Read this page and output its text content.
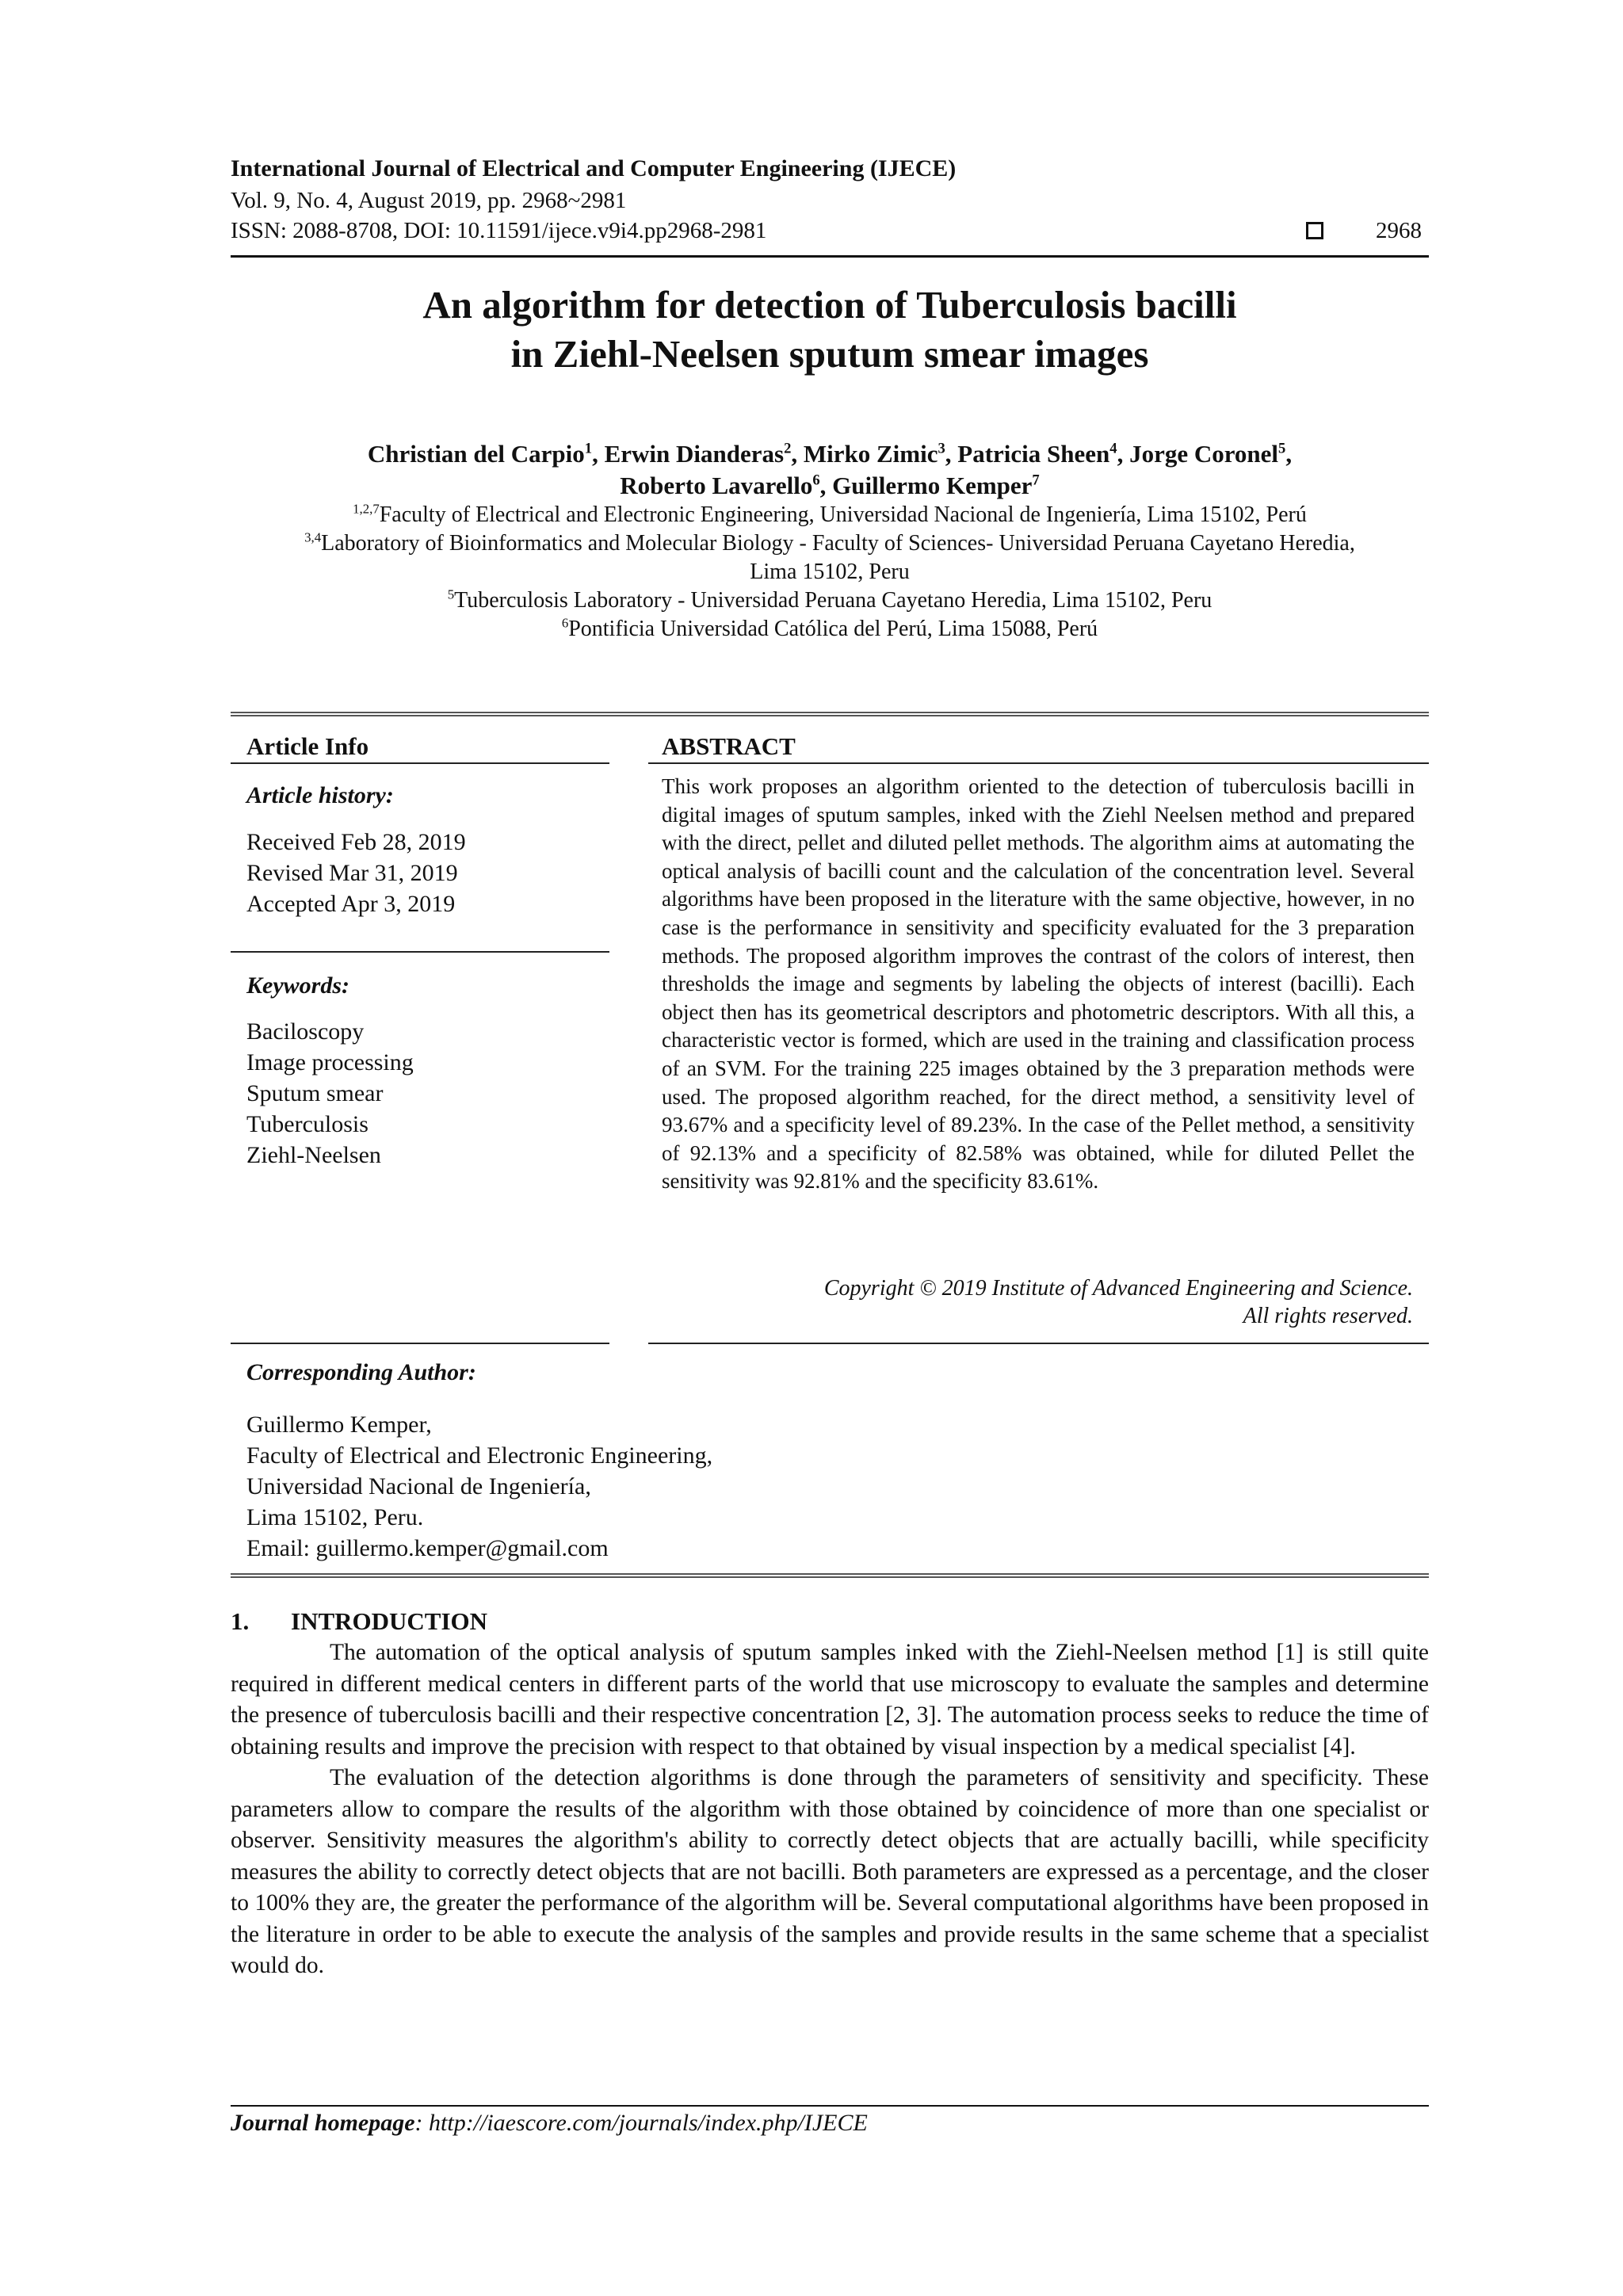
International Journal of Electrical and Computer Engineering (IJECE)
Vol. 9, No. 4, August 2019, pp. 2968~2981
ISSN: 2088-8708, DOI: 10.11591/ijece.v9i4.pp2968-2981	2968
An algorithm for detection of Tuberculosis bacilli
in Ziehl-Neelsen sputum smear images
Christian del Carpio$^1$, Erwin Dianderas$^2$, Mirko Zimic$^3$, Patricia Sheen$^4$, Jorge Coronel$^5$,
Roberto Lavarello$^6$, Guillermo Kemper$^7$
$^{1,2,7}$Faculty of Electrical and Electronic Engineering, Universidad Nacional de Ingeniería, Lima 15102, Perú
$^{3,4}$Laboratory of Bioinformatics and Molecular Biology - Faculty of Sciences- Universidad Peruana Cayetano Heredia,
Lima 15102, Peru
$^5$Tuberculosis Laboratory - Universidad Peruana Cayetano Heredia, Lima 15102, Peru
$^6$Pontificia Universidad Católica del Perú, Lima 15088, Perú
Article Info
Article history:
Received Feb 28, 2019
Revised Mar 31, 2019
Accepted Apr 3, 2019
Keywords:
Baciloscopy
Image processing
Sputum smear
Tuberculosis
Ziehl-Neelsen
ABSTRACT

This work proposes an algorithm oriented to the detection of tuberculosis bacilli in digital images of sputum samples, inked with the Ziehl Neelsen method and prepared with the direct, pellet and diluted pellet methods. The algorithm aims at automating the optical analysis of bacilli count and the calculation of the concentration level. Several algorithms have been proposed in the literature with the same objective, however, in no case is the performance in sensitivity and specificity evaluated for the 3 preparation methods. The proposed algorithm improves the contrast of the colors of interest, then thresholds the image and segments by labeling the objects of interest (bacilli). Each object then has its geometrical descriptors and photometric descriptors. With all this, a characteristic vector is formed, which are used in the training and classification process of an SVM. For the training 225 images obtained by the 3 preparation methods were used. The proposed algorithm reached, for the direct method, a sensitivity level of 93.67% and a specificity level of 89.23%. In the case of the Pellet method, a sensitivity of 92.13% and a specificity of 82.58% was obtained, while for diluted Pellet the sensitivity was 92.81% and the specificity 83.61%.

Copyright © 2019 Institute of Advanced Engineering and Science.
All rights reserved.
Corresponding Author:
Guillermo Kemper,
Faculty of Electrical and Electronic Engineering,
Universidad Nacional de Ingeniería,
Lima 15102, Peru.
Email: guillermo.kemper@gmail.com
1. INTRODUCTION

The automation of the optical analysis of sputum samples inked with the Ziehl-Neelsen method [1] is still quite required in different medical centers in different parts of the world that use microscopy to evaluate the samples and determine the presence of tuberculosis bacilli and their respective concentration [2, 3]. The automation process seeks to reduce the time of obtaining results and improve the precision with respect to that obtained by visual inspection by a medical specialist [4].

The evaluation of the detection algorithms is done through the parameters of sensitivity and specificity. These parameters allow to compare the results of the algorithm with those obtained by coincidence of more than one specialist or observer. Sensitivity measures the algorithm's ability to correctly detect objects that are actually bacilli, while specificity measures the ability to correctly detect objects that are not bacilli. Both parameters are expressed as a percentage, and the closer to 100% they are, the greater the performance of the algorithm will be. Several computational algorithms have been proposed in the literature in order to be able to execute the analysis of the samples and provide results in the same scheme that a specialist would do.

Journal homepage: http://iaescore.com/journals/index.php/IJECE
